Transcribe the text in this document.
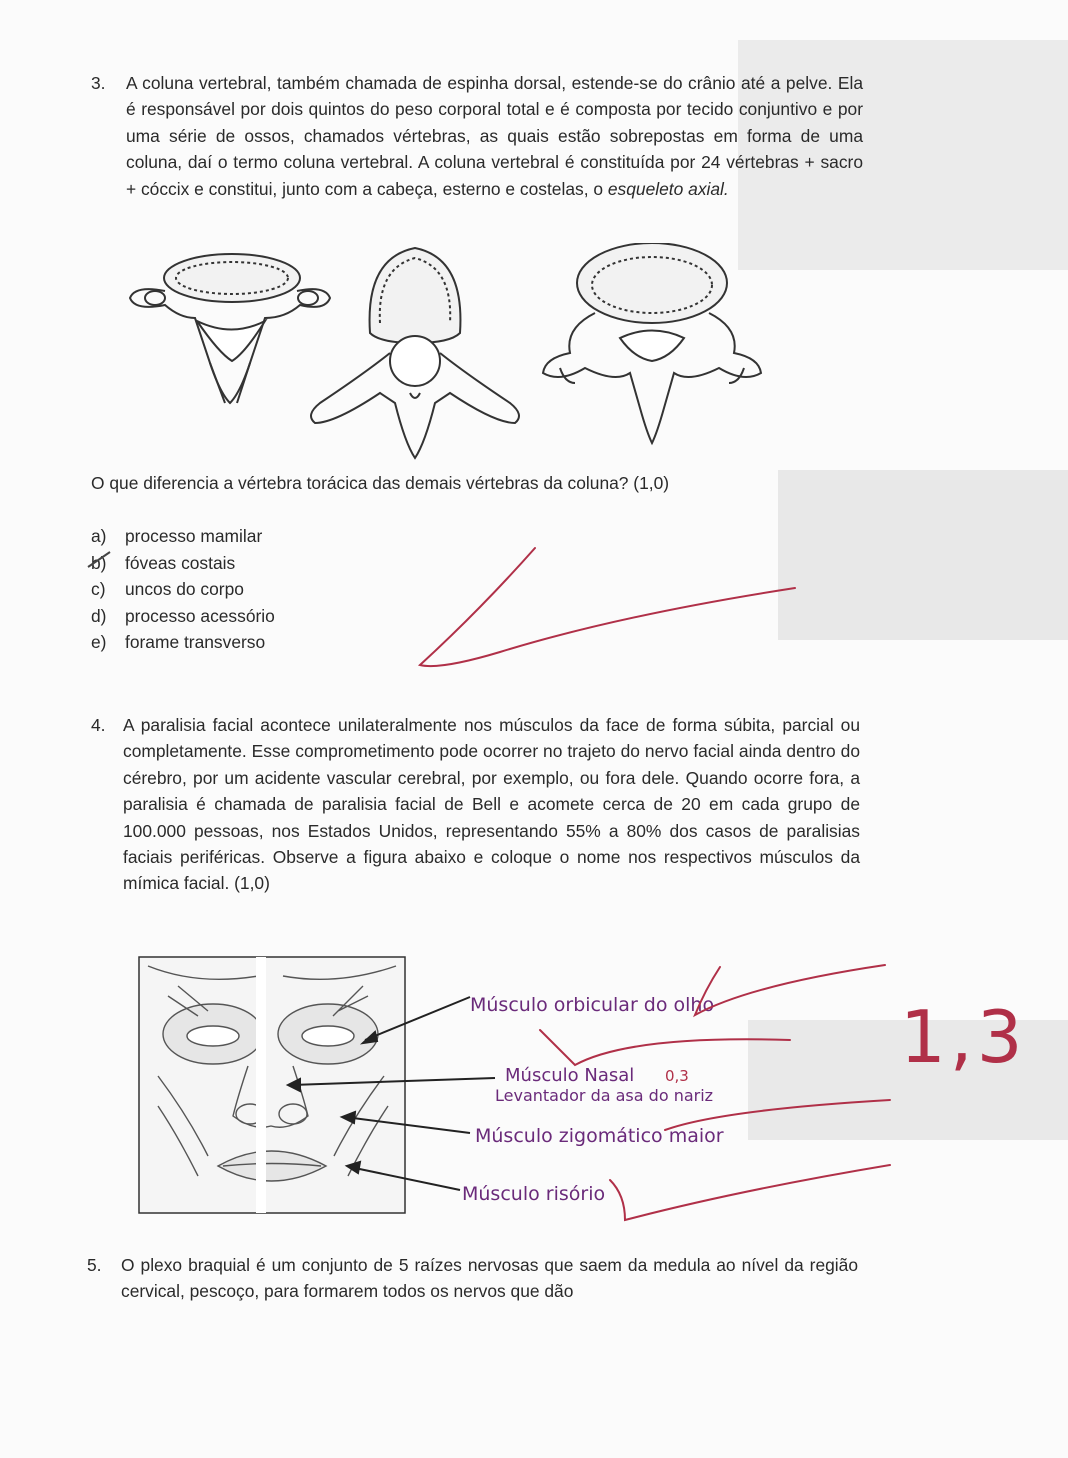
3. A coluna vertebral, também chamada de espinha dorsal, estende-se do crânio até a pelve. Ela é responsável por dois quintos do peso corporal total e é composta por tecido conjuntivo e por uma série de ossos, chamados vértebras, as quais estão sobrepostas em forma de uma coluna, daí o termo coluna vertebral. A coluna vertebral é constituída por 24 vértebras + sacro + cóccix e constitui, junto com a cabeça, esterno e costelas, o esqueleto axial.
O que diferencia a vértebra torácica das demais vértebras da coluna? (1,0)
a)	processo mamilar
b)	fóveas costais
c)	uncos do corpo
d)	processo acessório
e)	forame transverso
4. A paralisia facial acontece unilateralmente nos músculos da face de forma súbita, parcial ou completamente. Esse comprometimento pode ocorrer no trajeto do nervo facial ainda dentro do cérebro, por um acidente vascular cerebral, por exemplo, ou fora dele. Quando ocorre fora, a paralisia é chamada de paralisia facial de Bell e acomete cerca de 20 em cada grupo de 100.000 pessoas, nos Estados Unidos, representando 55% a 80% dos casos de paralisias faciais periféricas. Observe a figura abaixo e coloque o nome nos respectivos músculos da mímica facial. (1,0)
Músculo orbicular do olho
Músculo Nasal
Levantador da asa do nariz
Músculo zigomático maior
Músculo risório
0,3	1,3
5. O plexo braquial é um conjunto de 5 raízes nervosas que saem da medula ao nível da região cervical, pescoço, para formarem todos os nervos que dão
